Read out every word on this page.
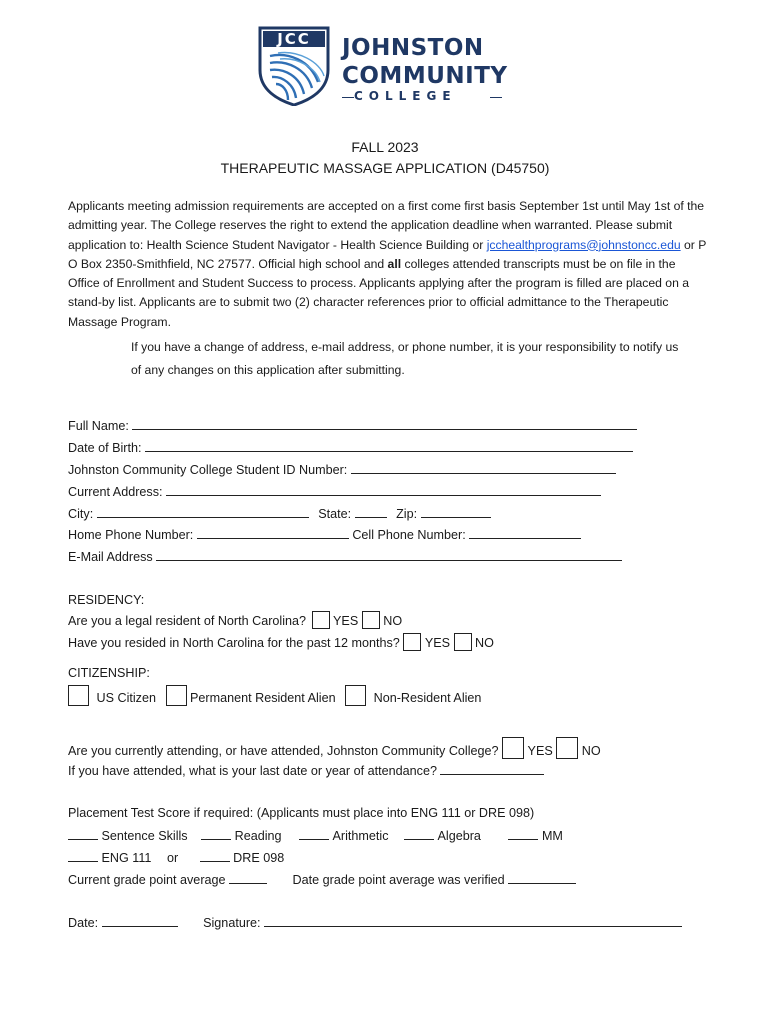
JCC JOHNSTON
COMMUNITY
COLLEGE
FALL 2023
THERAPEUTIC MASSAGE APPLICATION (D45750)
Applicants meeting admission requirements are accepted on a first come first basis September 1st until May 1st of the admitting year. The College reserves the right to extend the application deadline when warranted. Please submit application to: Health Science Student Navigator - Health Science Building or jcchealthprograms@johnstoncc.edu or P O Box 2350-Smithfield, NC 27577. Official high school and all colleges attended transcripts must be on file in the Office of Enrollment and Student Success to process. Applicants applying after the program is filled are placed on a stand-by list. Applicants are to submit two (2) character references prior to official admittance to the Therapeutic Massage Program.
If you have a change of address, e-mail address, or phone number, it is your responsibility to notify us of any changes on this application after submitting.
Full Name:
Date of Birth:
Johnston Community College Student ID Number:
Current Address:
City:	State:	Zip:
Home Phone Number:	Cell Phone Number:
E-Mail Address
RESIDENCY:
Are you a legal resident of North Carolina? YES NO
Have you resided in North Carolina for the past 12 months? YES NO
CITIZENSHIP:
US Citizen	Permanent Resident Alien	Non-Resident Alien
Are you currently attending, or have attended, Johnston Community College? YES NO
If you have attended, what is your last date or year of attendance?
Placement Test Score if required: (Applicants must place into ENG 111 or DRE 098)
Sentence Skills	Reading	Arithmetic	Algebra	MM
ENG 111 or	DRE 098
Current grade point average	Date grade point average was verified
Date:	Signature:
